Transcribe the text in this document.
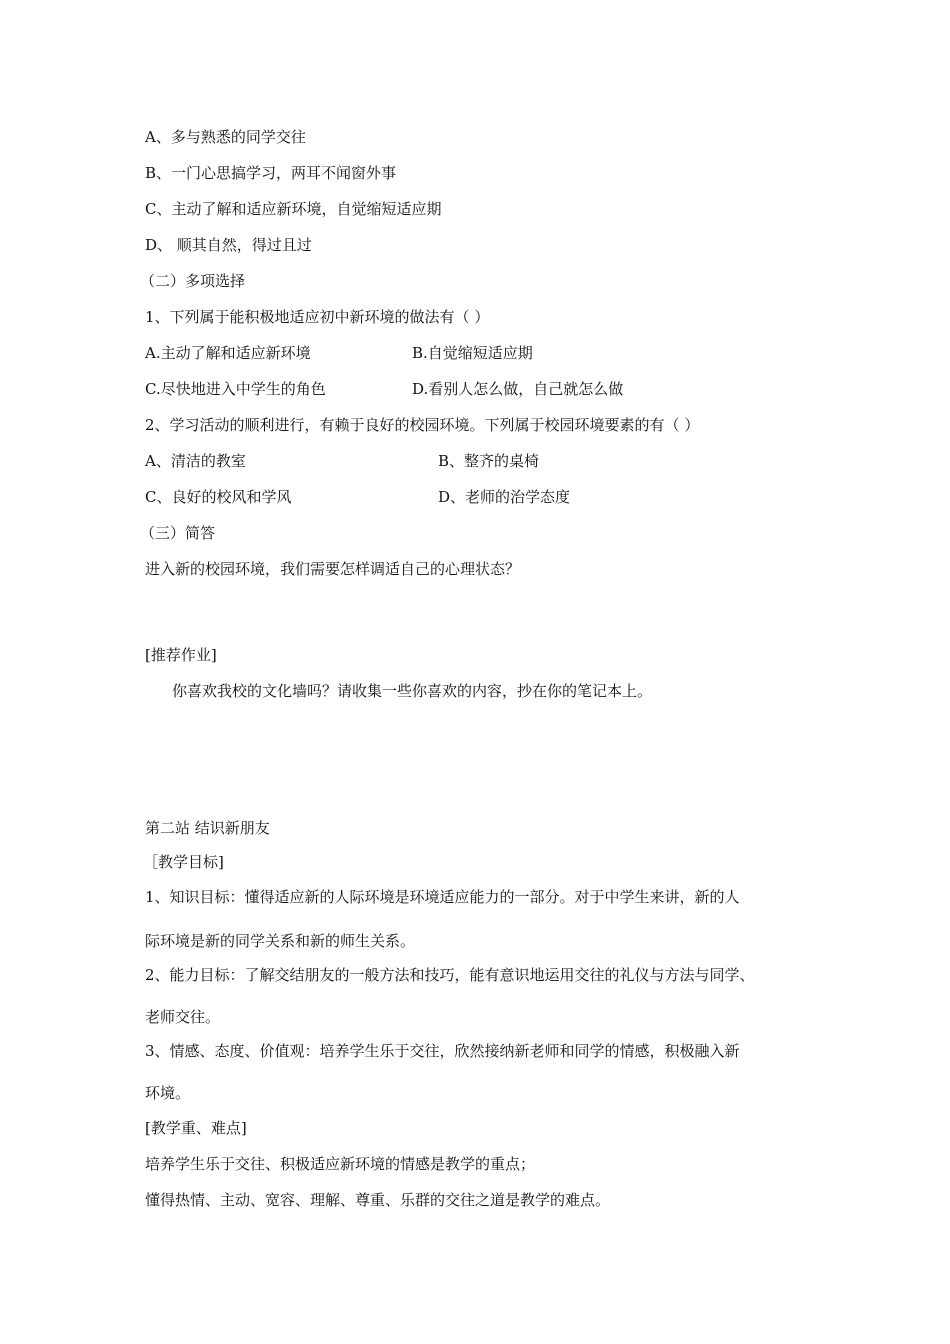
A、多与熟悉的同学交往
B、一门心思搞学习，两耳不闻窗外事
C、主动了解和适应新环境，自觉缩短适应期
D、 顺其自然，得过且过
（二）多项选择
1、下列属于能积极地适应初中新环境的做法有（ ）
A.主动了解和适应新环境	B.自觉缩短适应期
C.尽快地进入中学生的角色	D.看别人怎么做，自己就怎么做
2、学习活动的顺利进行，有赖于良好的校园环境。下列属于校园环境要素的有（ ）
A、清洁的教室	B、整齐的桌椅
C、良好的校风和学风	D、老师的治学态度
（三）简答
进入新的校园环境，我们需要怎样调适自己的心理状态？
[推荐作业]
你喜欢我校的文化墙吗？请收集一些你喜欢的内容，抄在你的笔记本上。
第二站 结识新朋友
［教学目标]
1、知识目标：懂得适应新的人际环境是环境适应能力的一部分。对于中学生来讲，新的人
际环境是新的同学关系和新的师生关系。
2、能力目标：了解交结朋友的一般方法和技巧，能有意识地运用交往的礼仪与方法与同学、
老师交往。
3、情感、态度、价值观：培养学生乐于交往，欣然接纳新老师和同学的情感，积极融入新
环境。
[教学重、难点]
培养学生乐于交往、积极适应新环境的情感是教学的重点；
懂得热情、主动、宽容、理解、尊重、乐群的交往之道是教学的难点。
